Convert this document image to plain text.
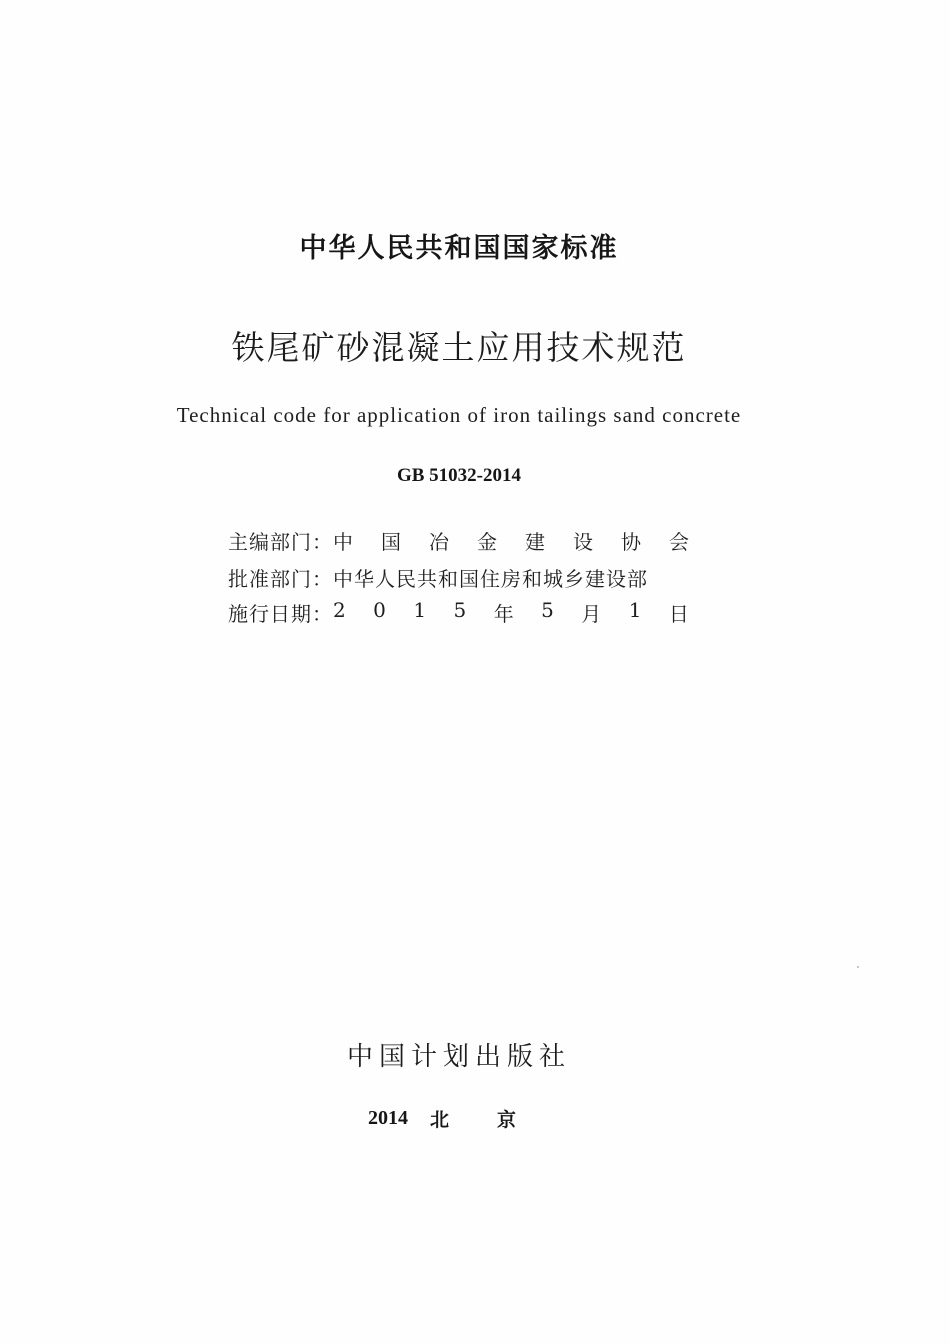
中华人民共和国国家标准
铁尾矿砂混凝土应用技术规范
Technical code for application of iron tailings sand concrete
GB 51032-2014
主编部门： 中 国 冶 金 建 设 协 会
批准部门： 中华人民共和国住房和城乡建设部
施行日期： 2 0 1 5 年 5 月 1 日
中国计划出版社
2014 北京
